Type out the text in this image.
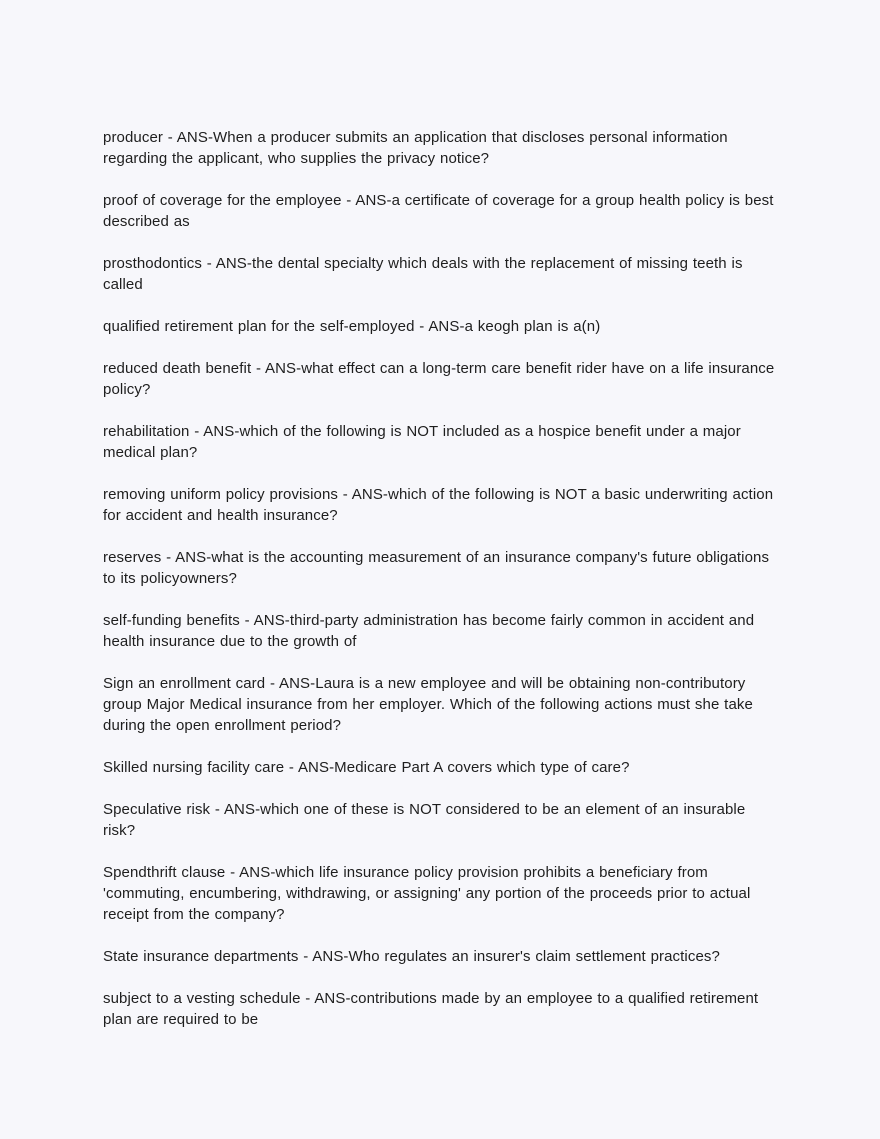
producer - ANS-When a producer submits an application that discloses personal information regarding the applicant, who supplies the privacy notice?

proof of coverage for the employee - ANS-a certificate of coverage for a group health policy is best described as

prosthodontics - ANS-the dental specialty which deals with the replacement of missing teeth is called

qualified retirement plan for the self-employed - ANS-a keogh plan is a(n)

reduced death benefit - ANS-what effect can a long-term care benefit rider have on a life insurance policy?

rehabilitation - ANS-which of the following is NOT included as a hospice benefit under a major medical plan?

removing uniform policy provisions - ANS-which of the following is NOT a basic underwriting action for accident and health insurance?

reserves - ANS-what is the accounting measurement of an insurance company's future obligations to its policyowners?

self-funding benefits - ANS-third-party administration has become fairly common in accident and health insurance due to the growth of

Sign an enrollment card - ANS-Laura is a new employee and will be obtaining non-contributory group Major Medical insurance from her employer. Which of the following actions must she take during the open enrollment period?

Skilled nursing facility care - ANS-Medicare Part A covers which type of care?

Speculative risk - ANS-which one of these is NOT considered to be an element of an insurable risk?

Spendthrift clause - ANS-which life insurance policy provision prohibits a beneficiary from 'commuting, encumbering, withdrawing, or assigning' any portion of the proceeds prior to actual receipt from the company?

State insurance departments - ANS-Who regulates an insurer's claim settlement practices?

subject to a vesting schedule - ANS-contributions made by an employee to a qualified retirement plan are required to be
